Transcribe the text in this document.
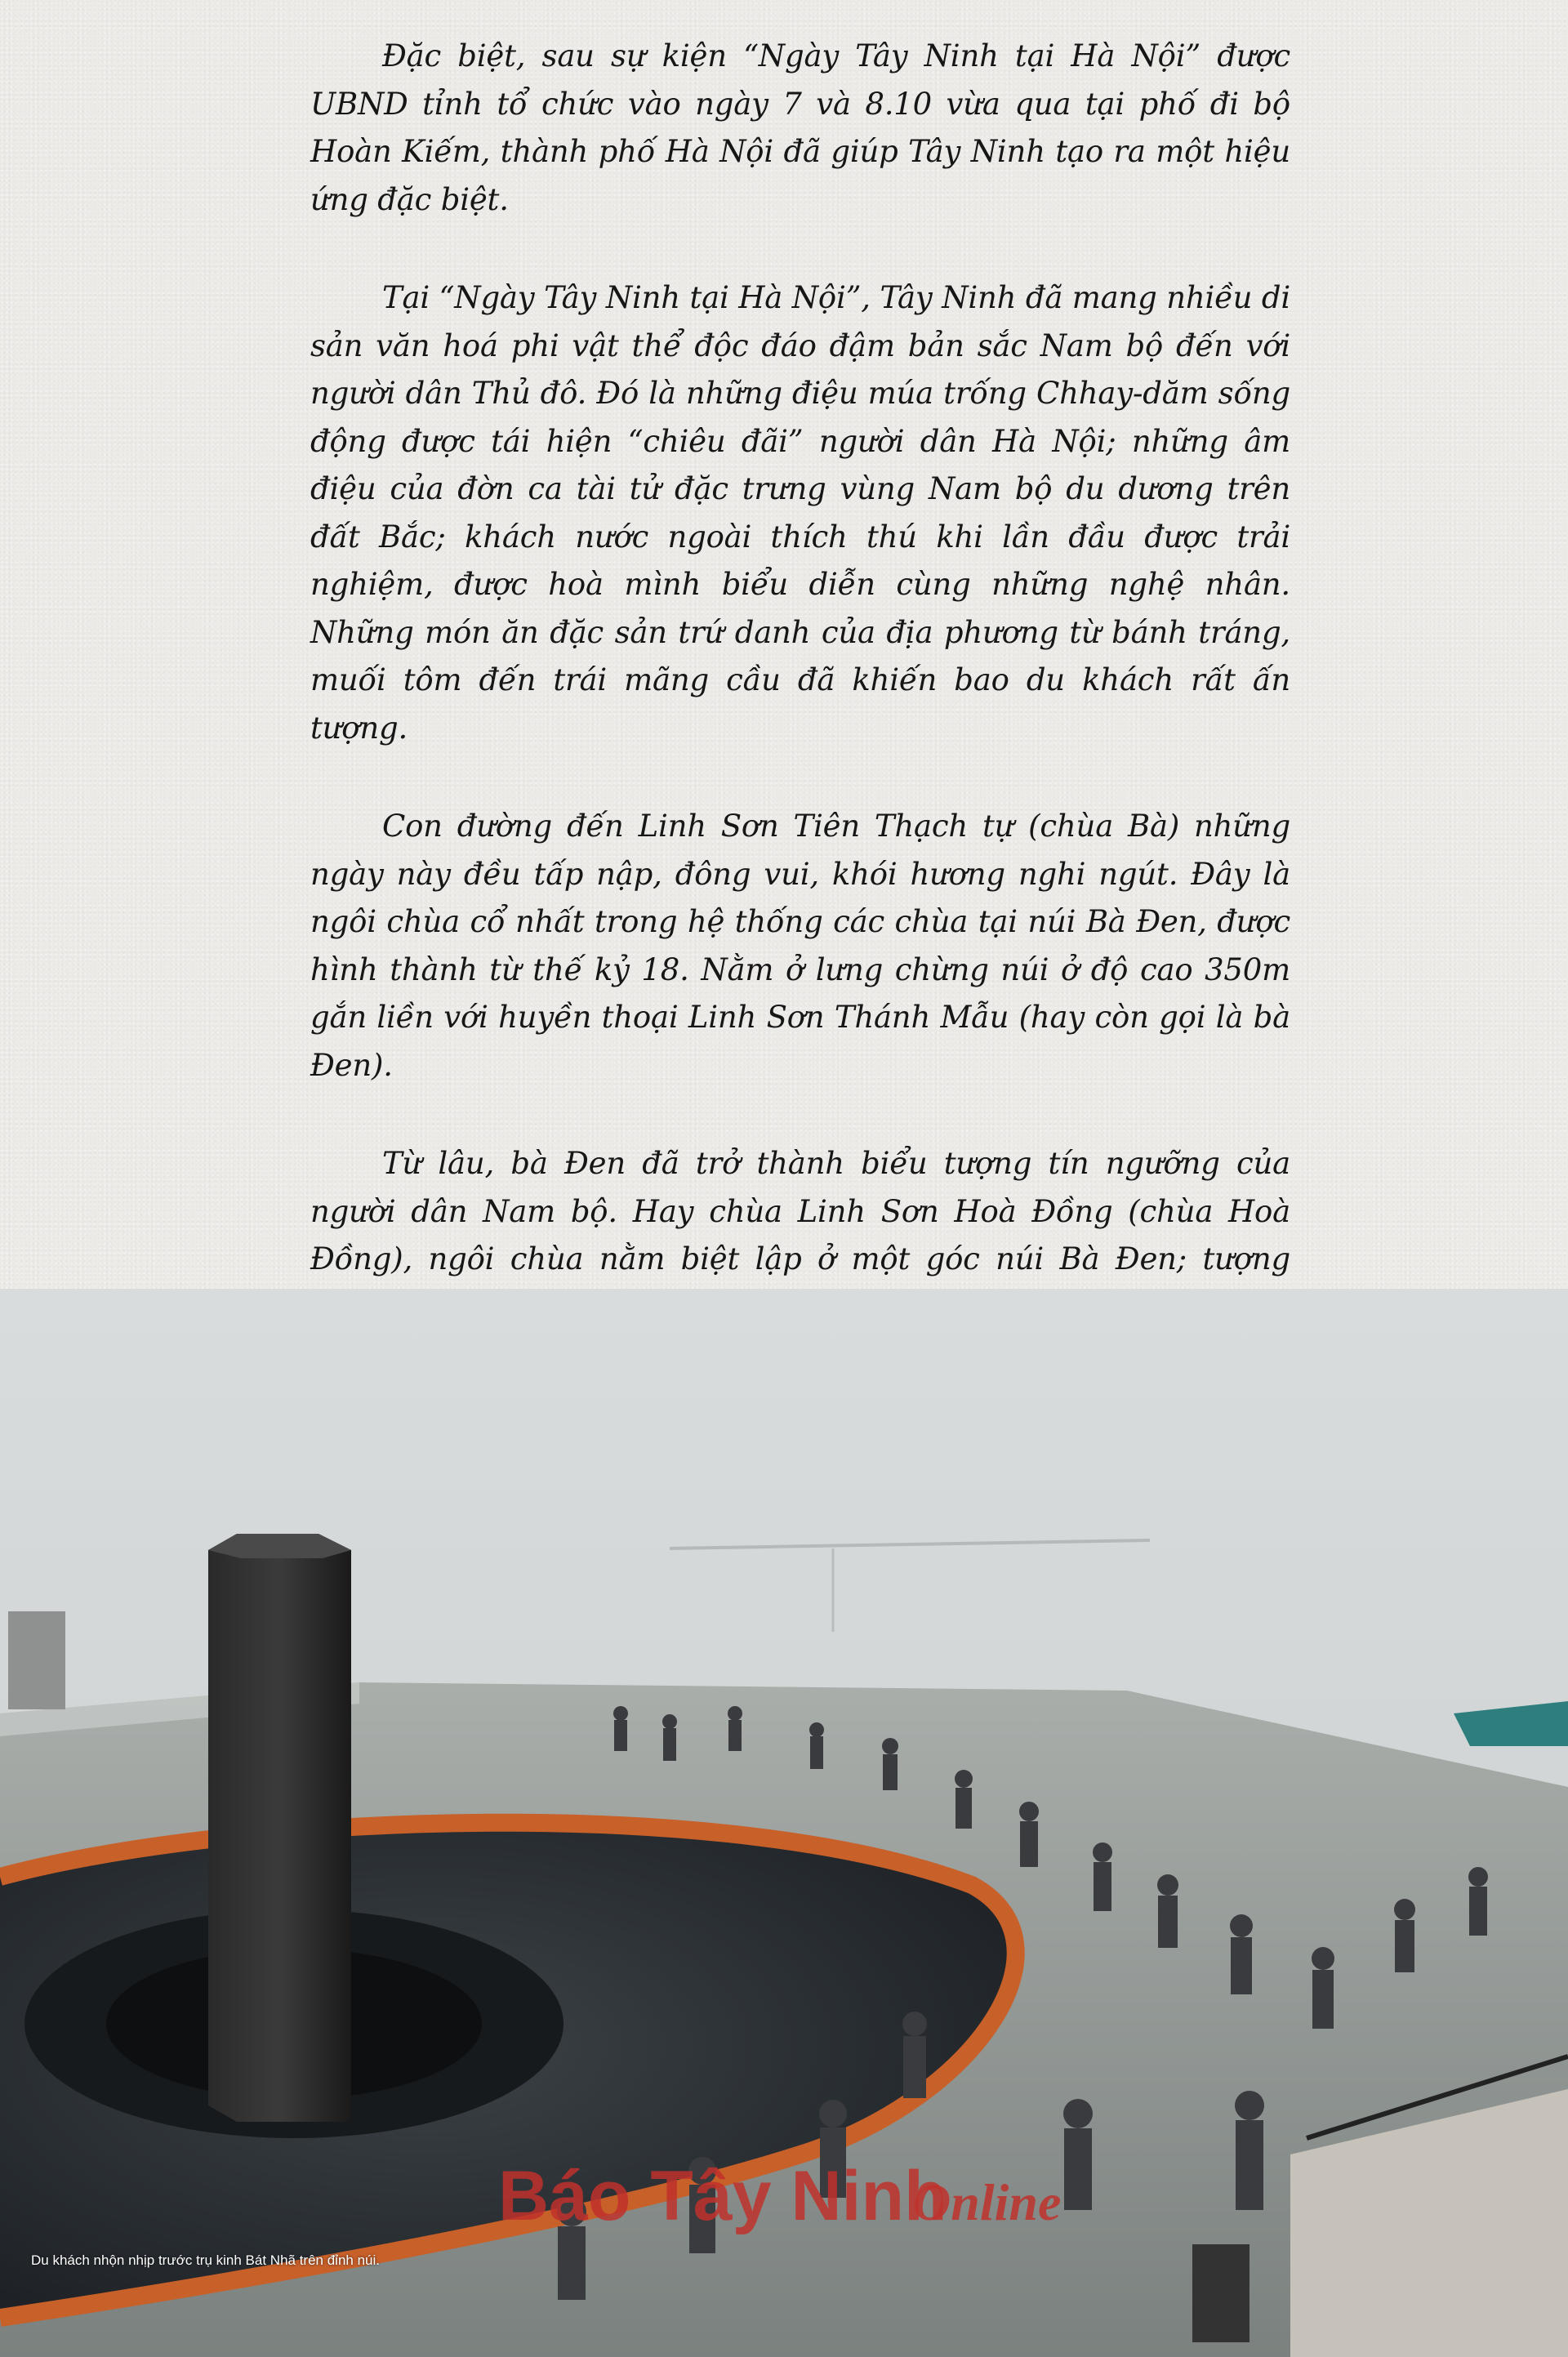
Đặc biệt, sau sự kiện “Ngày Tây Ninh tại Hà Nội” được UBND tỉnh tổ chức vào ngày 7 và 8.10 vừa qua tại phố đi bộ Hoàn Kiếm, thành phố Hà Nội đã giúp Tây Ninh tạo ra một hiệu ứng đặc biệt.

Tại “Ngày Tây Ninh tại Hà Nội”, Tây Ninh đã mang nhiều di sản văn hoá phi vật thể độc đáo đậm bản sắc Nam bộ đến với người dân Thủ đô. Đó là những điệu múa trống Chhay-dăm sống động được tái hiện “chiêu đãi” người dân Hà Nội; những âm điệu của đờn ca tài tử đặc trưng vùng Nam bộ du dương trên đất Bắc; khách nước ngoài thích thú khi lần đầu được trải nghiệm, được hoà mình biểu diễn cùng những nghệ nhân. Những món ăn đặc sản trứ danh của địa phương từ bánh tráng, muối tôm đến trái mãng cầu đã khiến bao du khách rất ấn tượng.

Con đường đến Linh Sơn Tiên Thạch tự (chùa Bà) những ngày này đều tấp nập, đông vui, khói hương nghi ngút. Đây là ngôi chùa cổ nhất trong hệ thống các chùa tại núi Bà Đen, được hình thành từ thế kỷ 18. Nằm ở lưng chừng núi ở độ cao 350m gắn liền với huyền thoại Linh Sơn Thánh Mẫu (hay còn gọi là bà Đen).

Từ lâu, bà Đen đã trở thành biểu tượng tín ngưỡng của người dân Nam bộ. Hay chùa Linh Sơn Hoà Đồng (chùa Hoà Đồng), ngôi chùa nằm biệt lập ở một góc núi Bà Đen; tượng

Báo Tây Ninh
Online
Du khách nhộn nhịp trước trụ kinh Bát Nhã trên đỉnh núi.
